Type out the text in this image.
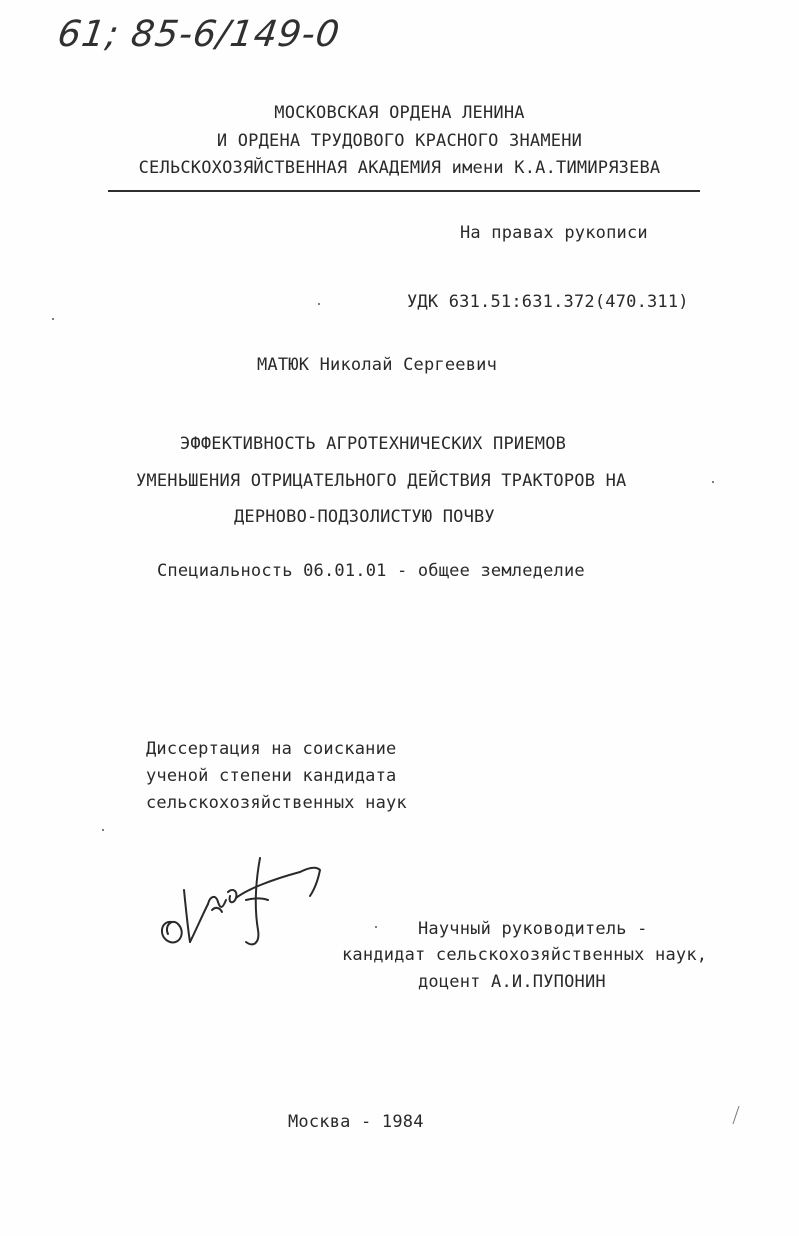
61; 85-6/149-0
МОСКОВСКАЯ ОРДЕНА ЛЕНИНА
И ОРДЕНА ТРУДОВОГО КРАСНОГО ЗНАМЕНИ
СЕЛЬСКОХОЗЯЙСТВЕННАЯ АКАДЕМИЯ имени К.А.ТИМИРЯЗЕВА
На правах рукописи
УДК 631.51:631.372(470.311)
МАТЮК Николай Сергеевич
ЭФФЕКТИВНОСТЬ АГРОТЕХНИЧЕСКИХ ПРИЕМОВ
УМЕНЬШЕНИЯ ОТРИЦАТЕЛЬНОГО ДЕЙСТВИЯ ТРАКТОРОВ НА
ДЕРНОВО-ПОДЗОЛИСТУЮ ПОЧВУ
Специальность 06.01.01 - общее земледелие
Диссертация на соискание
ученой степени кандидата
сельскохозяйственных наук
Научный руководитель -
кандидат сельскохозяйственных наук,
доцент А.И.ПУПОНИН
Москва - 1984
